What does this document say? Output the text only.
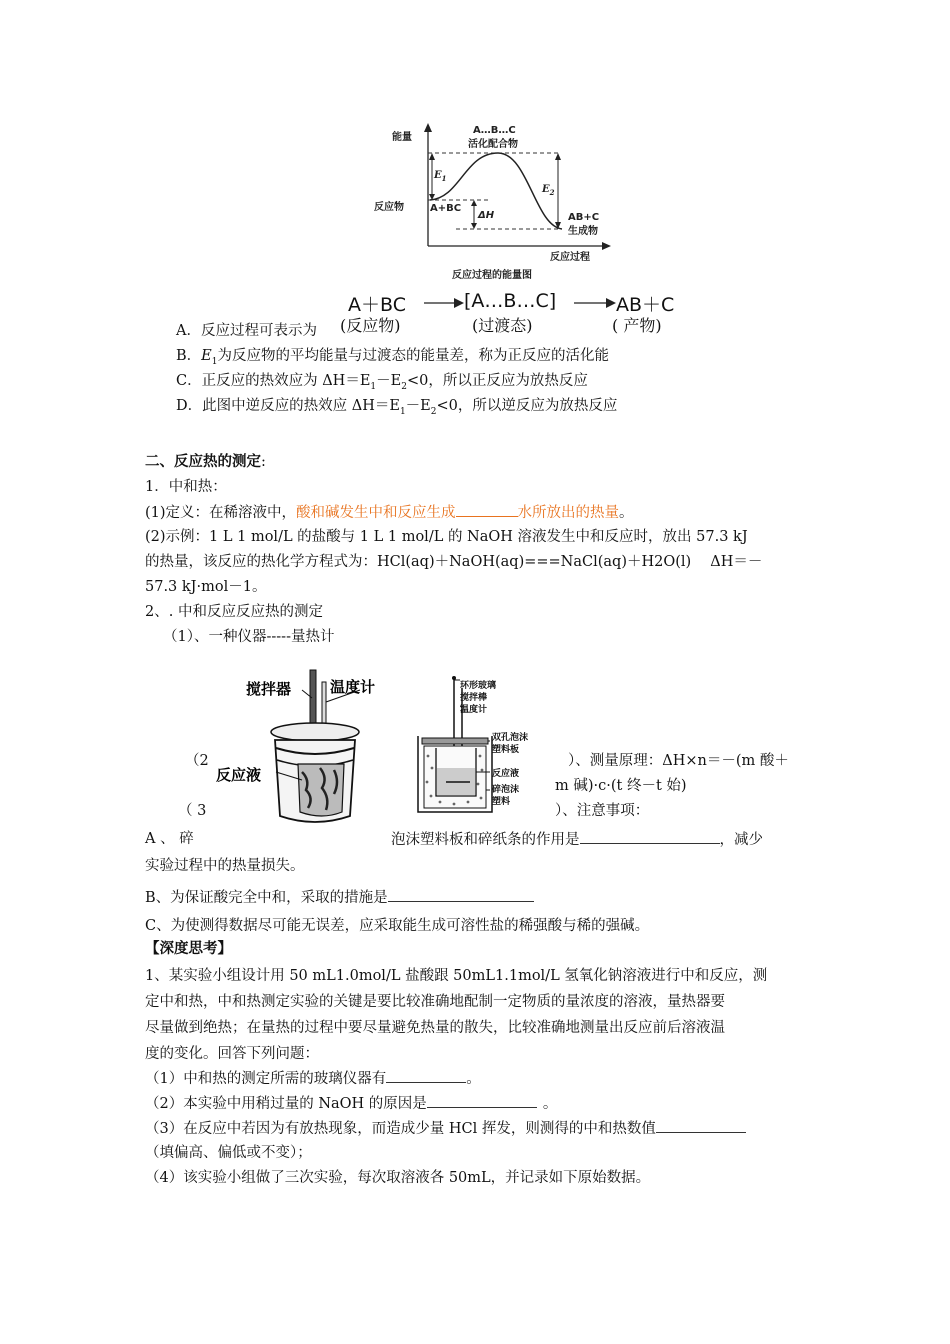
能量
A…B…C
活化配合物
$E_1$
$E_2$
反应物	A+BC
ΔH	AB+C
生成物
反应过程
反应过程的能量图
A＋BC	[A…B…C]	AB＋C
(反应物)	(过渡态)	( 产物)
A．反应过程可表示为
B．$E_1$为反应物的平均能量与过渡态的能量差，称为正反应的活化能
C．正反应的热效应为 $\Delta H=E_1-E_2<0$，所以正反应为放热反应
D．此图中逆反应的热效应 $\Delta H=E_1-E_2<0$，所以逆反应为放热反应
二、反应热的测定:
1．中和热：
(1)定义：在稀溶液中，酸和碱发生中和反应生成	水所放出的热量。
(2)示例：1 L 1 mol/L 的盐酸与 1 L 1 mol/L 的 NaOH 溶液发生中和反应时，放出 57.3 kJ
的热量，该反应的热化学方程式为：HCl(aq)＋NaOH(aq)===NaCl(aq)＋H2O(l)　 ΔH＝－
57.3 kJ·mol－1。
2、. 中和反应反应热的测定
（1）、一种仪器-----量热计
搅拌器	温度计
反应液
环形玻璃
搅拌棒
温度计
双孔泡沫
塑料板
反应液
碎泡沫
塑料
（2	）、测量原理：ΔH×n＝－(m 酸＋
m 碱)·c·(t 终－t 始)
（ 3	）、注意事项：
A 、 碎	泡沫塑料板和碎纸条的作用是	，减少
实验过程中的热量损失。
B、为保证酸完全中和，采取的措施是
C、为使测得数据尽可能无误差，应采取能生成可溶性盐的稀强酸与稀的强碱。
【深度思考】
1、某实验小组设计用 50 mL1.0mol/L 盐酸跟 50mL1.1mol/L 氢氧化钠溶液进行中和反应，测
定中和热，中和热测定实验的关键是要比较准确地配制一定物质的量浓度的溶液，量热器要
尽量做到绝热；在量热的过程中要尽量避免热量的散失，比较准确地测量出反应前后溶液温
度的变化。回答下列问题：
（1）中和热的测定所需的玻璃仪器有	。
（2）本实验中用稍过量的 NaOH 的原因是	。
（3）在反应中若因为有放热现象，而造成少量 HCl 挥发，则测得的中和热数值
（填偏高、偏低或不变）；
（4）该实验小组做了三次实验，每次取溶液各 50mL，并记录如下原始数据。
